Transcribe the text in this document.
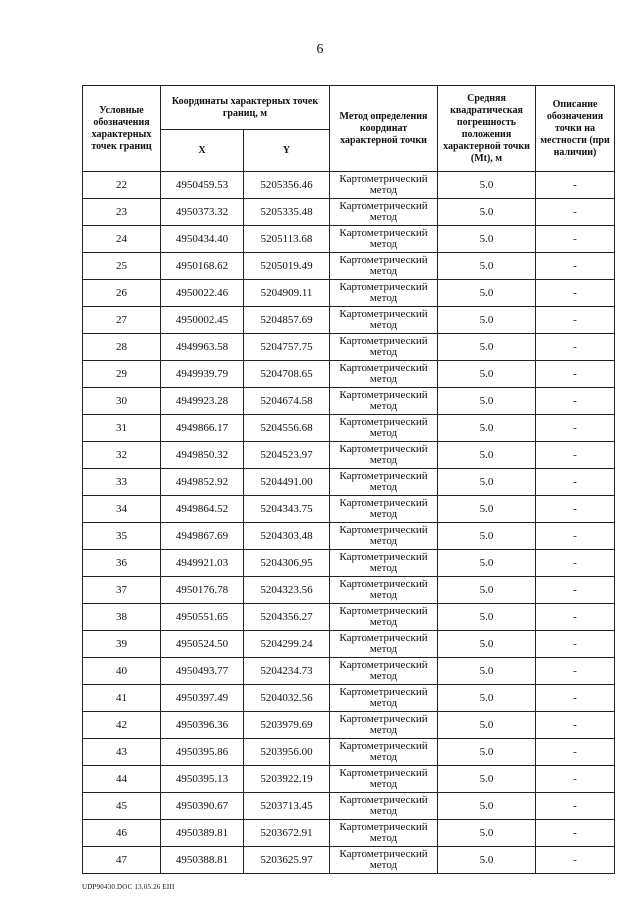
6
Условные обозначения характерных точек границ	Координаты характерных точек границ, м		Метод определения координат характерной точки	Средняя квадратическая погрешность положения характерной точки (Mt), м	Описание обозначения точки на местности (при наличии)
	X	Y			
22	4950459.53	5205356.46	Картометрический метод	5.0	-
23	4950373.32	5205335.48	Картометрический метод	5.0	-
24	4950434.40	5205113.68	Картометрический метод	5.0	-
25	4950168.62	5205019.49	Картометрический метод	5.0	-
26	4950022.46	5204909.11	Картометрический метод	5.0	-
27	4950002.45	5204857.69	Картометрический метод	5.0	-
28	4949963.58	5204757.75	Картометрический метод	5.0	-
29	4949939.79	5204708.65	Картометрический метод	5.0	-
30	4949923.28	5204674.58	Картометрический метод	5.0	-
31	4949866.17	5204556.68	Картометрический метод	5.0	-
32	4949850.32	5204523.97	Картометрический метод	5.0	-
33	4949852.92	5204491.00	Картометрический метод	5.0	-
34	4949864.52	5204343.75	Картометрический метод	5.0	-
35	4949867.69	5204303.48	Картометрический метод	5.0	-
36	4949921.03	5204306.95	Картометрический метод	5.0	-
37	4950176.78	5204323.56	Картометрический метод	5.0	-
38	4950551.65	5204356.27	Картометрический метод	5.0	-
39	4950524.50	5204299.24	Картометрический метод	5.0	-
40	4950493.77	5204234.73	Картометрический метод	5.0	-
41	4950397.49	5204032.56	Картометрический метод	5.0	-
42	4950396.36	5203979.69	Картометрический метод	5.0	-
43	4950395.86	5203956.00	Картометрический метод	5.0	-
44	4950395.13	5203922.19	Картометрический метод	5.0	-
45	4950390.67	5203713.45	Картометрический метод	5.0	-
46	4950389.81	5203672.91	Картометрический метод	5.0	-
47	4950388.81	5203625.97	Картометрический метод	5.0	-
UDP90430.DOC 13.05.26 EIII
